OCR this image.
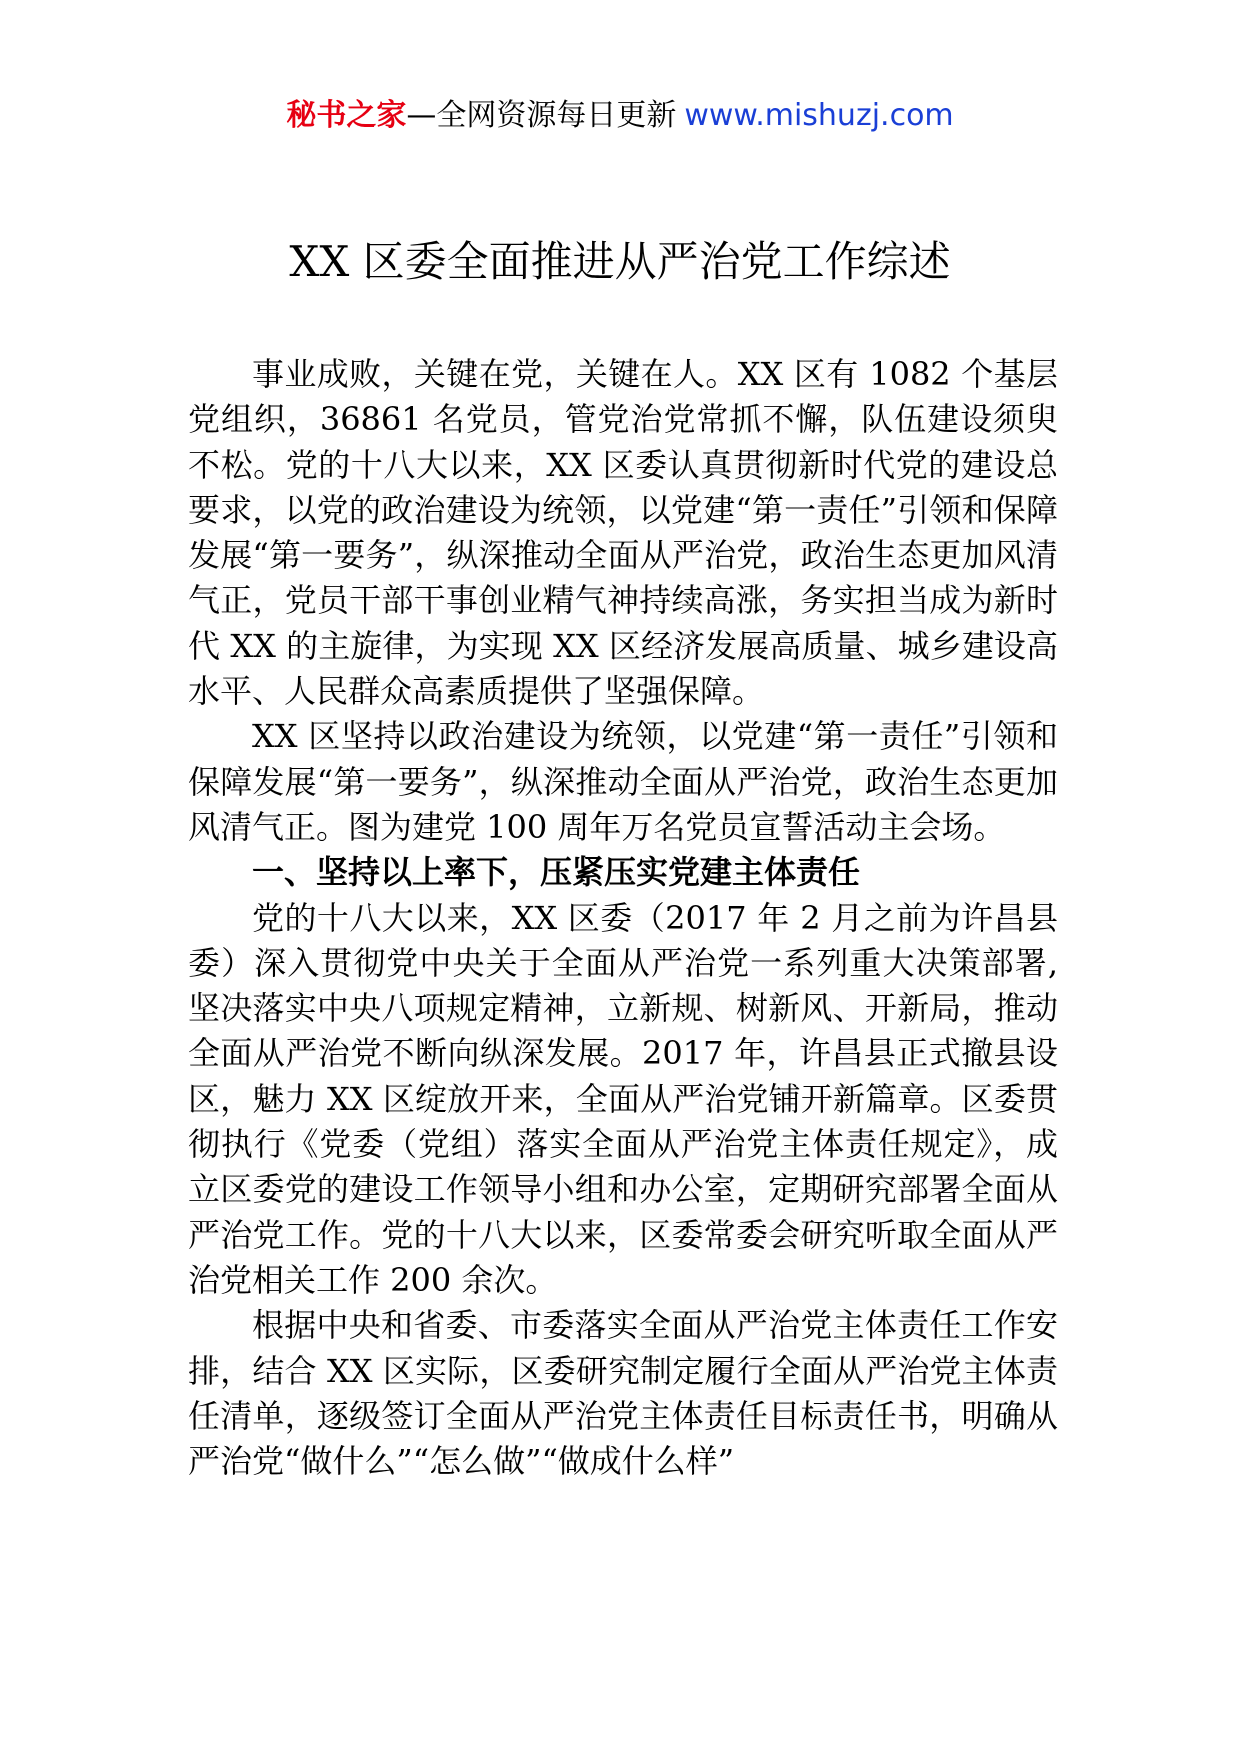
秘书之家—全网资源每日更新 www.mishuzj.com
XX 区委全面推进从严治党工作综述

事业成败，关键在党，关键在人。XX 区有 1082 个基层党组织，36861 名党员，管党治党常抓不懈，队伍建设须臾不松。党的十八大以来，XX 区委认真贯彻新时代党的建设总要求，以党的政治建设为统领，以党建“第一责任”引领和保障发展“第一要务”，纵深推动全面从严治党，政治生态更加风清气正，党员干部干事创业精气神持续高涨，务实担当成为新时代 XX 的主旋律，为实现 XX 区经济发展高质量、城乡建设高水平、人民群众高素质提供了坚强保障。

XX 区坚持以政治建设为统领，以党建“第一责任”引领和保障发展“第一要务”，纵深推动全面从严治党，政治生态更加风清气正。图为建党 100 周年万名党员宣誓活动主会场。

一、坚持以上率下，压紧压实党建主体责任

党的十八大以来，XX 区委（2017 年 2 月之前为许昌县委）深入贯彻党中央关于全面从严治党一系列重大决策部署,坚决落实中央八项规定精神，立新规、树新风、开新局，推动全面从严治党不断向纵深发展。2017 年，许昌县正式撤县设区，魅力 XX 区绽放开来，全面从严治党铺开新篇章。区委贯彻执行《党委（党组）落实全面从严治党主体责任规定》，成立区委党的建设工作领导小组和办公室，定期研究部署全面从严治党工作。党的十八大以来，区委常委会研究听取全面从严治党相关工作 200 余次。

根据中央和省委、市委落实全面从严治党主体责任工作安排，结合 XX 区实际，区委研究制定履行全面从严治党主体责任清单，逐级签订全面从严治党主体责任目标责任书，明确从严治党“做什么”“怎么做”“做成什么样”
